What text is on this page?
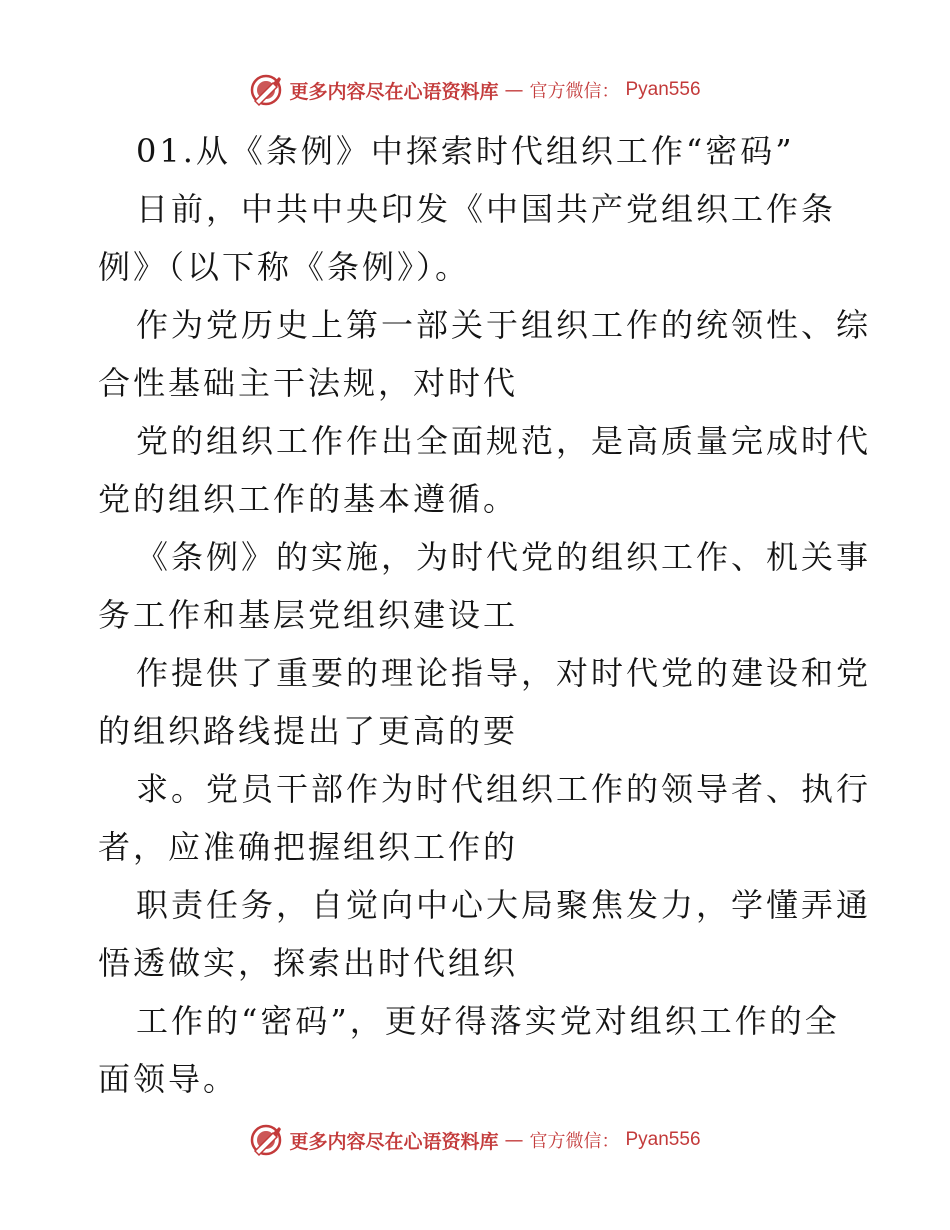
更多内容尽在心语资料库 — 官方微信： Pyan556
01.从《条例》中探索时代组织工作“密码”
日前，中共中央印发《中国共产党组织工作条
例》（以下称《条例》）。
作为党历史上第一部关于组织工作的统领性、综
合性基础主干法规，对时代
党的组织工作作出全面规范，是高质量完成时代
党的组织工作的基本遵循。
《条例》的实施，为时代党的组织工作、机关事
务工作和基层党组织建设工
作提供了重要的理论指导，对时代党的建设和党
的组织路线提出了更高的要
求。党员干部作为时代组织工作的领导者、执行
者，应准确把握组织工作的
职责任务，自觉向中心大局聚焦发力，学懂弄通
悟透做实，探索出时代组织
工作的“密码”，更好得落实党对组织工作的全
面领导。
更多内容尽在心语资料库 — 官方微信： Pyan556
